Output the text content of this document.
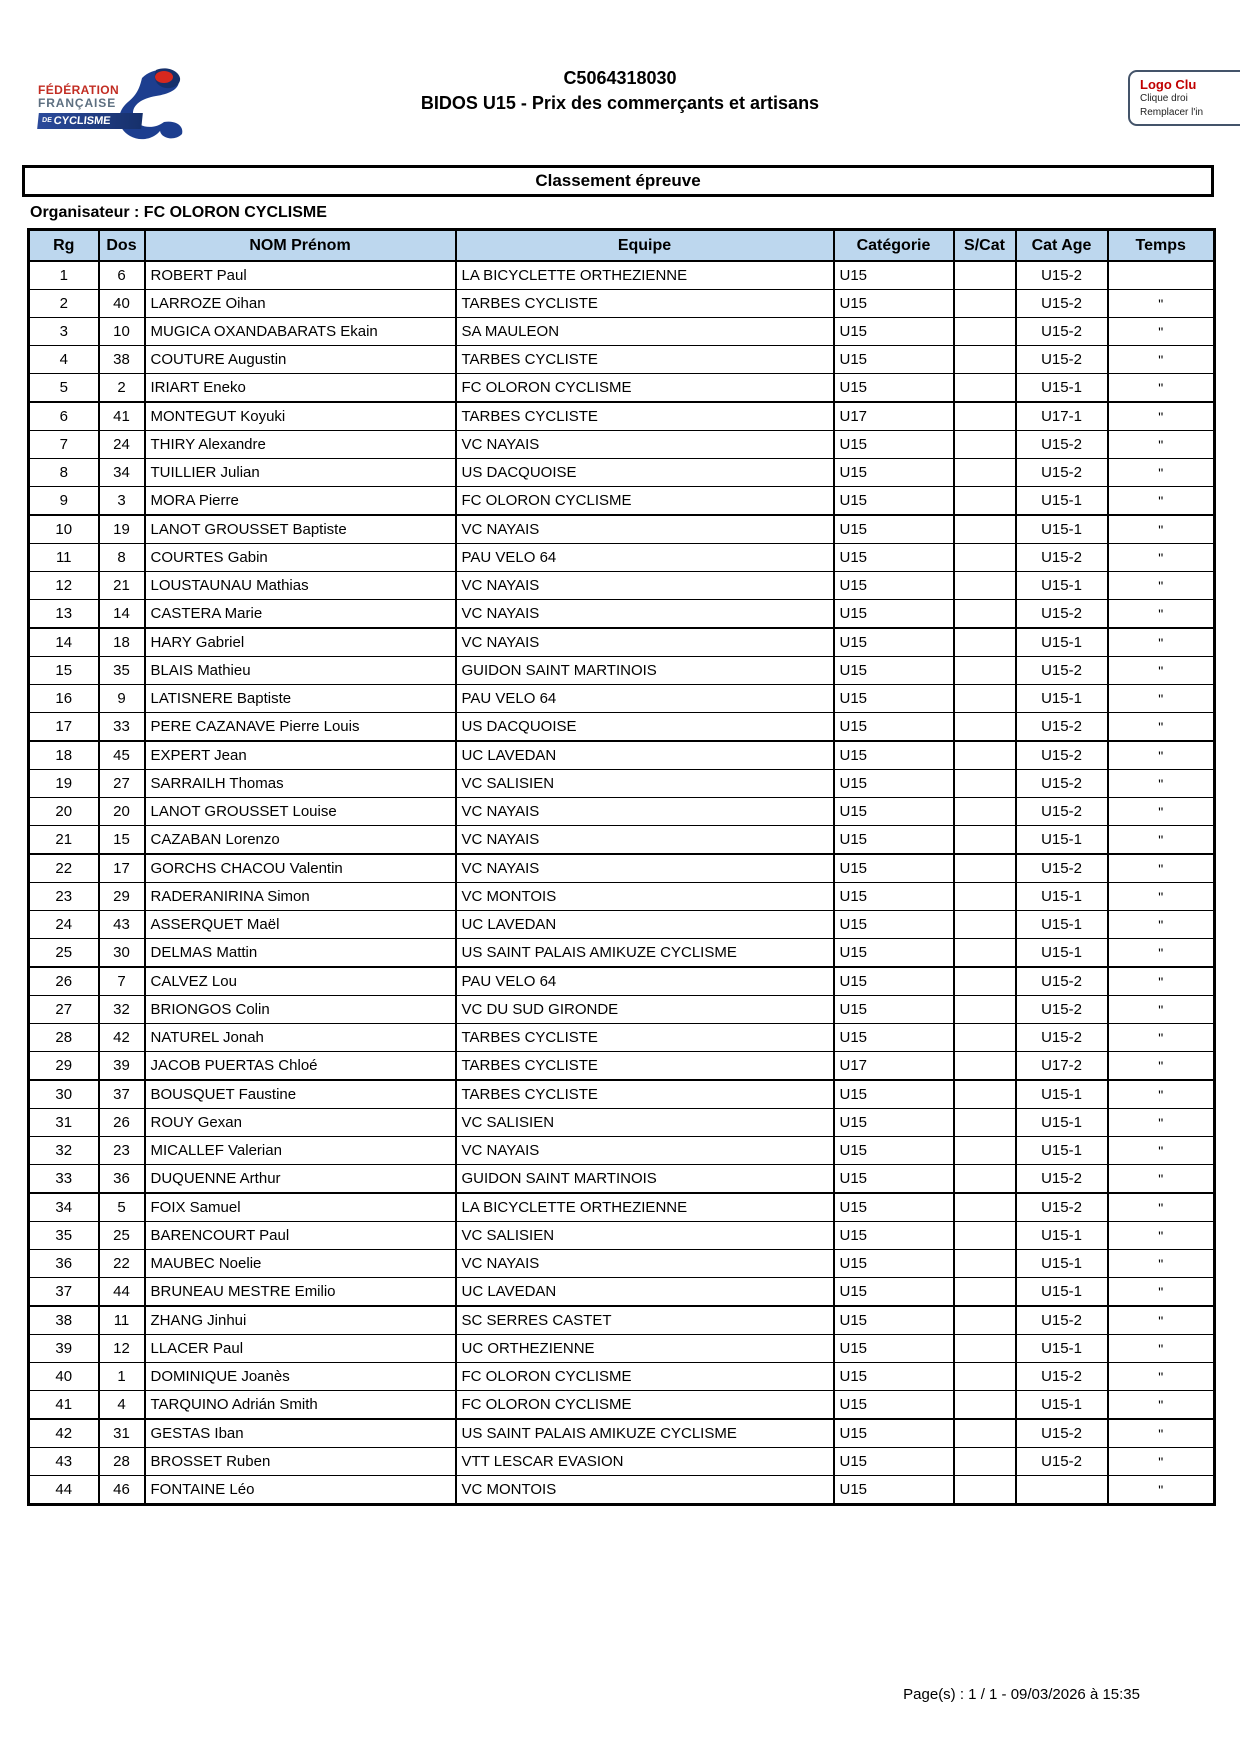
FÉDÉRATION
FRANÇAISE
DECYCLISME
C5064318030
BIDOS U15 - Prix des commerçants et artisans
Logo Clu
Clique droi
Remplacer l'in
Classement épreuve
Organisateur : FC OLORON CYCLISME
Rg	Dos	NOM Prénom	Equipe	Catégorie	S/Cat	Cat Age	Temps
1	6	ROBERT Paul	LA BICYCLETTE ORTHEZIENNE	U15		U15-2	
2	40	LARROZE Oihan	TARBES CYCLISTE	U15		U15-2	"
3	10	MUGICA OXANDABARATS Ekain	SA MAULEON	U15		U15-2	"
4	38	COUTURE Augustin	TARBES CYCLISTE	U15		U15-2	"
5	2	IRIART Eneko	FC OLORON CYCLISME	U15		U15-1	"
6	41	MONTEGUT Koyuki	TARBES CYCLISTE	U17		U17-1	"
7	24	THIRY Alexandre	VC NAYAIS	U15		U15-2	"
8	34	TUILLIER Julian	US DACQUOISE	U15		U15-2	"
9	3	MORA Pierre	FC OLORON CYCLISME	U15		U15-1	"
10	19	LANOT GROUSSET Baptiste	VC NAYAIS	U15		U15-1	"
11	8	COURTES Gabin	PAU VELO 64	U15		U15-2	"
12	21	LOUSTAUNAU Mathias	VC NAYAIS	U15		U15-1	"
13	14	CASTERA Marie	VC NAYAIS	U15		U15-2	"
14	18	HARY Gabriel	VC NAYAIS	U15		U15-1	"
15	35	BLAIS Mathieu	GUIDON SAINT MARTINOIS	U15		U15-2	"
16	9	LATISNERE Baptiste	PAU VELO 64	U15		U15-1	"
17	33	PERE CAZANAVE Pierre Louis	US DACQUOISE	U15		U15-2	"
18	45	EXPERT Jean	UC LAVEDAN	U15		U15-2	"
19	27	SARRAILH Thomas	VC SALISIEN	U15		U15-2	"
20	20	LANOT GROUSSET Louise	VC NAYAIS	U15		U15-2	"
21	15	CAZABAN Lorenzo	VC NAYAIS	U15		U15-1	"
22	17	GORCHS CHACOU Valentin	VC NAYAIS	U15		U15-2	"
23	29	RADERANIRINA Simon	VC MONTOIS	U15		U15-1	"
24	43	ASSERQUET Maël	UC LAVEDAN	U15		U15-1	"
25	30	DELMAS Mattin	US SAINT PALAIS AMIKUZE CYCLISME	U15		U15-1	"
26	7	CALVEZ Lou	PAU VELO 64	U15		U15-2	"
27	32	BRIONGOS Colin	VC DU SUD GIRONDE	U15		U15-2	"
28	42	NATUREL Jonah	TARBES CYCLISTE	U15		U15-2	"
29	39	JACOB PUERTAS Chloé	TARBES CYCLISTE	U17		U17-2	"
30	37	BOUSQUET Faustine	TARBES CYCLISTE	U15		U15-1	"
31	26	ROUY Gexan	VC SALISIEN	U15		U15-1	"
32	23	MICALLEF Valerian	VC NAYAIS	U15		U15-1	"
33	36	DUQUENNE Arthur	GUIDON SAINT MARTINOIS	U15		U15-2	"
34	5	FOIX Samuel	LA BICYCLETTE ORTHEZIENNE	U15		U15-2	"
35	25	BARENCOURT Paul	VC SALISIEN	U15		U15-1	"
36	22	MAUBEC Noelie	VC NAYAIS	U15		U15-1	"
37	44	BRUNEAU MESTRE Emilio	UC LAVEDAN	U15		U15-1	"
38	11	ZHANG Jinhui	SC SERRES CASTET	U15		U15-2	"
39	12	LLACER Paul	UC ORTHEZIENNE	U15		U15-1	"
40	1	DOMINIQUE Joanès	FC OLORON CYCLISME	U15		U15-2	"
41	4	TARQUINO Adrián Smith	FC OLORON CYCLISME	U15		U15-1	"
42	31	GESTAS Iban	US SAINT PALAIS AMIKUZE CYCLISME	U15		U15-2	"
43	28	BROSSET Ruben	VTT LESCAR EVASION	U15		U15-2	"
44	46	FONTAINE Léo	VC MONTOIS	U15			"
Page(s) : 1 / 1 - 09/03/2026 à 15:35
